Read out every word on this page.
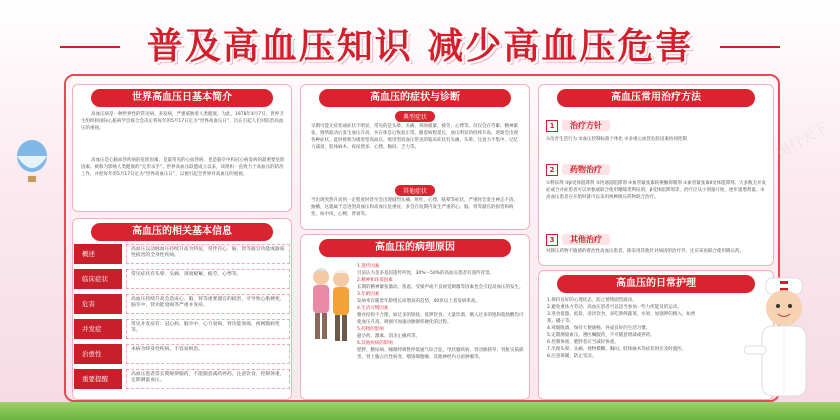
普及高血压知识 减少高血压危害
世界高血压日基本简介
高血压病是一种世界性的常见病、多发病，严重威胁着人类健康。为此，1978年4月7日，世界卫生组织和国际心脏病学会联合会决定将每年的5月17日定为“世界高血压日”，旨在引起人们对防治高血压的重视。
高血压是心脑血管疾病的危险因素，是最常见的心血管病，也是脑卒中和冠心病发病的最重要危险因素。被称为影响人类健康的“无形杀手”。世界高血压联盟成立以来，该组织一直致力于高血压的防治工作，并把每年的5月17日定为“世界高血压日”，以便引起全世界对高血压的重视。
高血压的相关基本信息
概述
高血压以动脉血压持续升高为特征，常伴有心、脑、肾等器官功能或器质性损害的全身性疾病。
临床症状
常见症状有头晕、头痛、颈项板紧、疲劳、心悸等。
危害
高血压持续升高会造成心、脑、肾等重要器官的损害，可导致心肌梗死、脑卒中、肾功能衰竭等严重并发症。
并发症
常见并发症有：冠心病、脑卒中、心力衰竭、肾功能衰竭、视网膜病变等。
治愈性
本病为终身性疾病，不容易根治。
重要提醒
高血压患者需长期规律服药，不能随意减药停药。注意饮食、控制体重，定期测量血压。
高血压的症状与诊断
典型症状
早期可能无症状或症状不明显，常见的是头晕、头痛、颈项板紧、疲劳、心悸等。仅仅会在劳累、精神紧张、情绪波动后发生血压升高，并在休息后恢复正常。随着病程延长，血压明显的持续升高，逐渐会出现各种症状。此时被称为缓进型高血压。缓进型高血压常见的临床症状有头痛、头晕、注意力不集中、记忆力减退、肢体麻木、夜尿增多、心悸、胸闷、乏力等。
其他症状
当出现突然升高到一定程度时甚至会出现剧烈头痛、呕吐、心悸、眩晕等症状，严重时会发生神志不清、抽搐，这就属于急进型高血压和高血压危重症，多会在短期内发生严重的心、脑、肾等器官的损害和病变，如中风、心梗、肾衰等。
高血压的病理原因
1.遗传因素
目前认为是多基因遗传所致，30%～50%的高血压患者有遗传背景。
2.精神和环境因素
长期的精神紧张激动、焦虑、受噪声或不良视觉刺激等因素也会引起高血压的发生。
3.年龄因素
发病率有随着年龄增长而增高的趋势，40岁以上者发病率高。
4.生活习惯因素
膳食结构不合理，如过多的钠盐、低钾饮食、大量饮酒、摄入过多的饱和脂肪酸均可使血压升高。吸烟可加速动脉粥样硬化的过程。
5.药物的影响
避孕药、激素、消炎止痛药等。
6.其他疾病的影响
肥胖、糖尿病、睡眠呼吸暂停低通气综合征、甲状腺疾病、肾动脉狭窄、肾脏实质损害、肾上腺占位性病变、嗜铬细胞瘤、其他神经内分泌肿瘤等。
高血压常用治疗方法
1 治疗方针
①改善生活行为 ②血压控制标准个体化 ③多重心血管危险因素协同控制
2 药物治疗
①利尿剂 ②β受体阻滞剂 ③钙通道阻滞剂 ④血管紧张素转换酶抑制剂 ⑤血管紧张素Ⅱ受体阻滞剂。大多数无并发症或合并症患者可以单独或联合使用噻嗪类利尿剂、β受体阻滞剂等，治疗应从小剂量开始，逐步递增剂量。②高血压患者在开始时就可以采用两种降压药物联合治疗。
3 其他治疗
对降压药物不敏感的难治性高血压患者，除采用其他针对病因的治疗外，还应该再联合使用降压药。
高血压的日常护理
1.保持良好的心理状态，防止情绪剧烈波动。
2.避免重体力劳动，高血压患者可以适当参加一些力所能及的运动。
3.进食低脂、低盐、清淡饮食，多吃新鲜蔬菜、水果，加强钾的摄入，如香蕉、橘子等。
4.戒烟限酒，保持大便通畅，养成良好的生活习惯。
5.定期测量血压，遵医嘱服药，不可随意增减或停药。
6.控制体重，肥胖者应当减轻体重。
7.出现头晕、头痛、视物模糊、胸闷、肢体麻木等症状时应及时就医。
8.注意保暖，防止受凉。
图行天下
